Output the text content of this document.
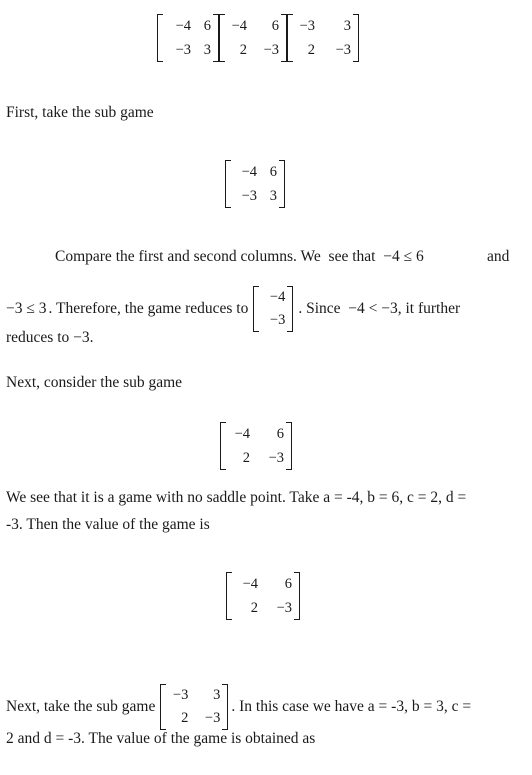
−4 6
−3 3
−4	6
2	−3
−3	3
2	−3
First, take the sub game
−4 6
−3 3
Compare the first and second columns. We see that −4 ≤ 6	and
−3 ≤ 3 . Therefore, the game reduces to
−4
−3
. Since
−4 < −3 , it further
reduces to −3.
Next, consider the sub game
−4	6
2	−3
We see that it is a game with no saddle point. Take a = -4, b = 6, c = 2, d =
-3. Then the value of the game is
−4	6
2	−3
Next, take the sub game
−3	3
2	−3
. In this case we have a = -3, b = 3, c =
2 and d = -3. The value of the game is obtained as
